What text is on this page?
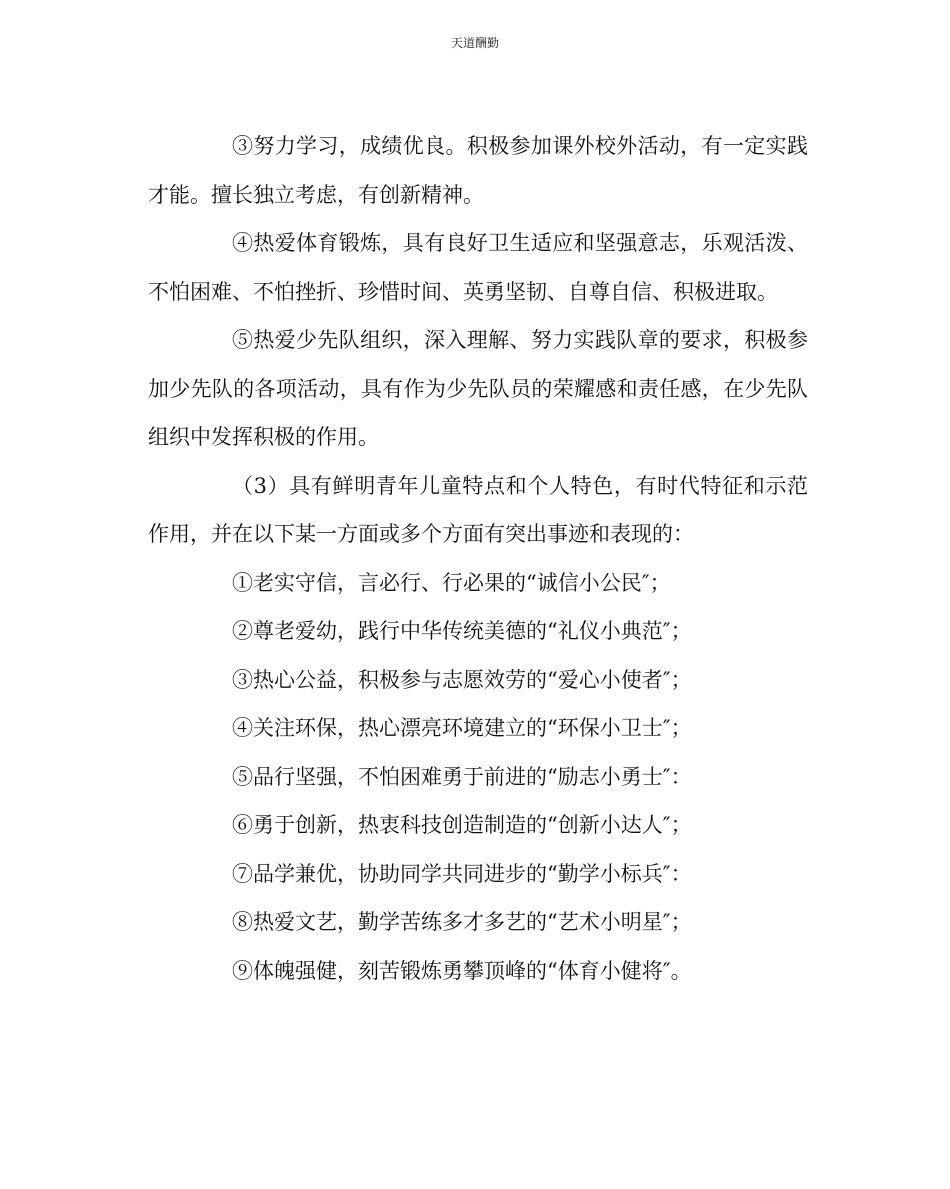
天道酬勤

③努力学习，成绩优良。积极参加课外校外活动，有一定实践才能。擅长独立考虑，有创新精神。

④热爱体育锻炼，具有良好卫生适应和坚强意志，乐观活泼、不怕困难、不怕挫折、珍惜时间、英勇坚韧、自尊自信、积极进取。

⑤热爱少先队组织，深入理解、努力实践队章的要求，积极参加少先队的各项活动，具有作为少先队员的荣耀感和责任感，在少先队组织中发挥积极的作用。

（3）具有鲜明青年儿童特点和个人特色，有时代特征和示范作用，并在以下某一方面或多个方面有突出事迹和表现的：

①老实守信，言必行、行必果的“诚信小公民″；

②尊老爱幼，践行中华传统美德的“礼仪小典范″；

③热心公益，积极参与志愿效劳的“爱心小使者″；

④关注环保，热心漂亮环境建立的“环保小卫士″；

⑤品行坚强，不怕困难勇于前进的“励志小勇士″：

⑥勇于创新，热衷科技创造制造的“创新小达人″；

⑦品学兼优，协助同学共同进步的“勤学小标兵″：

⑧热爱文艺，勤学苦练多才多艺的“艺术小明星″；

⑨体魄强健，刻苦锻炼勇攀顶峰的“体育小健将″。
